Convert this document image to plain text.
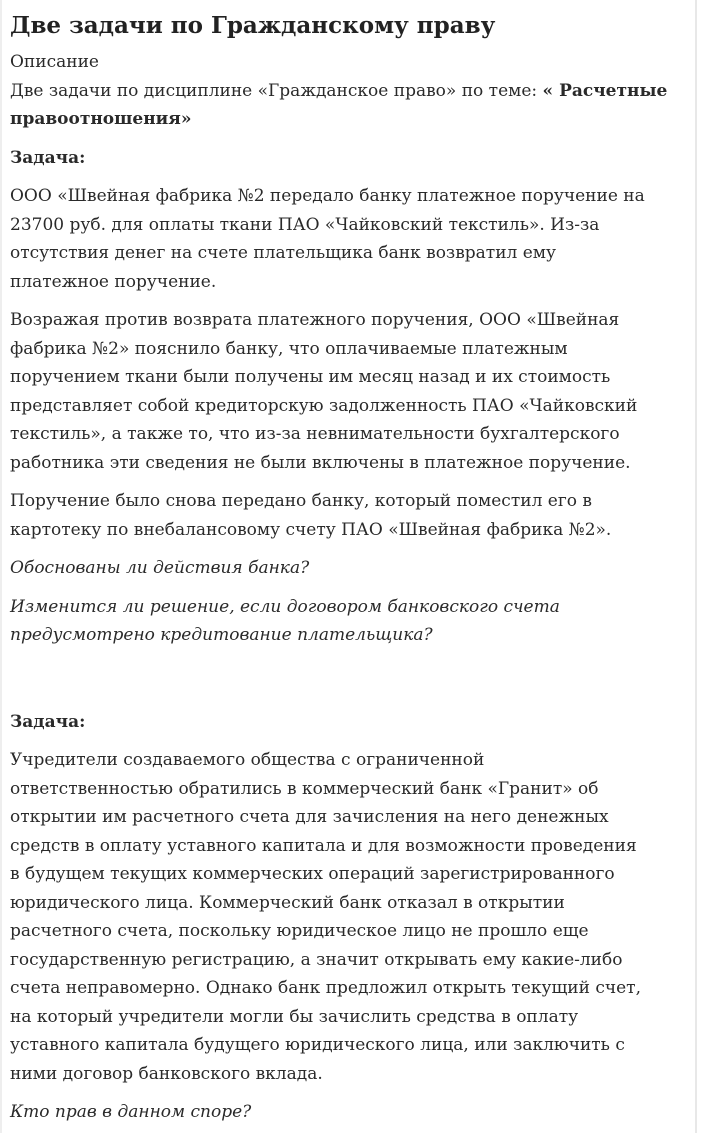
Две задачи по Гражданскому праву
Описание
Две задачи по дисциплине «Гражданское право» по теме: « Расчетные
правоотношения»
Задача:
ООО «Швейная фабрика №2 передало банку платежное поручение на
23700 руб. для оплаты ткани ПАО «Чайковский текстиль». Из-за
отсутствия денег на счете плательщика банк возвратил ему
платежное поручение.
Возражая против возврата платежного поручения, ООО «Швейная
фабрика №2» пояснило банку, что оплачиваемые платежным
поручением ткани были получены им месяц назад и их стоимость
представляет собой кредиторскую задолженность ПАО «Чайковский
текстиль», а также то, что из-за невнимательности бухгалтерского
работника эти сведения не были включены в платежное поручение.
Поручение было снова передано банку, который поместил его в
картотеку по внебалансовому счету ПАО «Швейная фабрика №2».
Обоснованы ли действия банка?
Изменится ли решение, если договором банковского счета
предусмотрено кредитование плательщика?
Задача:
Учредители создаваемого общества с ограниченной
ответственностью обратились в коммерческий банк «Гранит» об
открытии им расчетного счета для зачисления на него денежных
средств в оплату уставного капитала и для возможности проведения
в будущем текущих коммерческих операций зарегистрированного
юридического лица. Коммерческий банк отказал в открытии
расчетного счета, поскольку юридическое лицо не прошло еще
государственную регистрацию, а значит открывать ему какие-либо
счета неправомерно. Однако банк предложил открыть текущий счет,
на который учредители могли бы зачислить средства в оплату
уставного капитала будущего юридического лица, или заключить с
ними договор банковского вклада.
Кто прав в данном споре?
